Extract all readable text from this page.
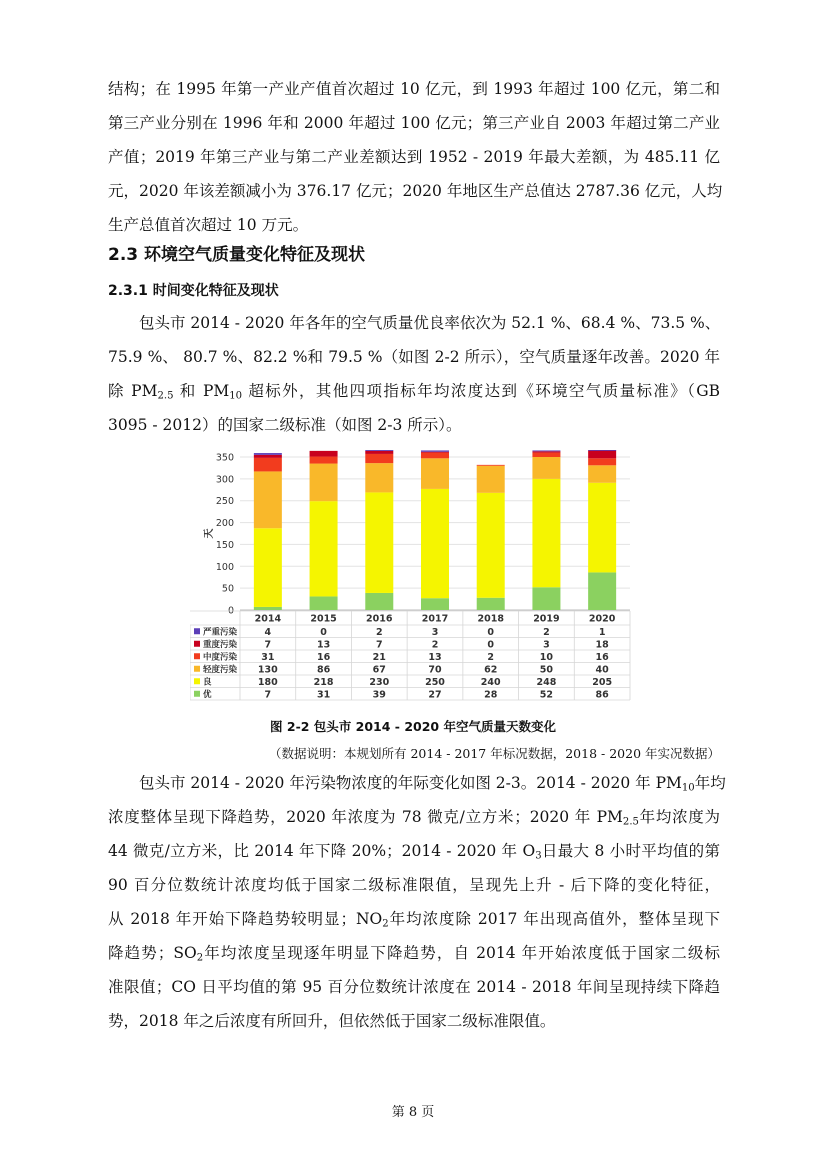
结构；在 1995 年第一产业产值首次超过 10 亿元，到 1993 年超过 100 亿元，第二和
第三产业分别在 1996 年和 2000 年超过 100 亿元；第三产业自 2003 年超过第二产业
产值；2019 年第三产业与第二产业差额达到 1952 - 2019 年最大差额，为 485.11 亿
元，2020 年该差额减小为 376.17 亿元；2020 年地区生产总值达 2787.36 亿元，人均
生产总值首次超过 10 万元。
2.3 环境空气质量变化特征及现状
2.3.1 时间变化特征及现状
包头市 2014 - 2020 年各年的空气质量优良率依次为 52.1 %、68.4 %、73.5 %、
75.9 %、 80.7 %、82.2 %和 79.5 %（如图 2-2 所示），空气质量逐年改善。2020 年
除 $PM_{2.5}$ 和 $PM_{10}$ 超标外，其他四项指标年均浓度达到《环境空气质量标准》（GB
3095 - 2012）的国家二级标准（如图 2-3 所示）。
0
50
100
150
200
250
300
350
天
2014	2015	2016	2017	2018	2019	2020
严重污染	4	0	2	3	0	2	1
重度污染	7	13	7	2	0	3	18
中度污染	31	16	21	13	2	10	16
轻度污染 130	86	67	70	62	50	40
良	180	218	230	250	240	248	205
优	7	31	39	27	28	52	86

图 2-2 包头市 2014 - 2020 年空气质量天数变化

（数据说明：本规划所有 2014 - 2017 年标况数据，2018 - 2020 年实况数据）

包头市 2014 - 2020 年污染物浓度的年际变化如图 2-3。2014 - 2020 年 $PM_{10}$年均
浓度整体呈现下降趋势，2020 年浓度为 78 微克/立方米；2020 年 $PM_{2.5}$年均浓度为
44 微克/立方米，比 2014 年下降 20%；2014 - 2020 年 $O_3$日最大 8 小时平均值的第
90 百分位数统计浓度均低于国家二级标准限值，呈现先上升 - 后下降的变化特征，
从 2018 年开始下降趋势较明显；$NO_2$年均浓度除 2017 年出现高值外，整体呈现下
降趋势；$SO_2$年均浓度呈现逐年明显下降趋势，自 2014 年开始浓度低于国家二级标
准限值；CO 日平均值的第 95 百分位数统计浓度在 2014 - 2018 年间呈现持续下降趋
势，2018 年之后浓度有所回升，但依然低于国家二级标准限值。

第 8 页
